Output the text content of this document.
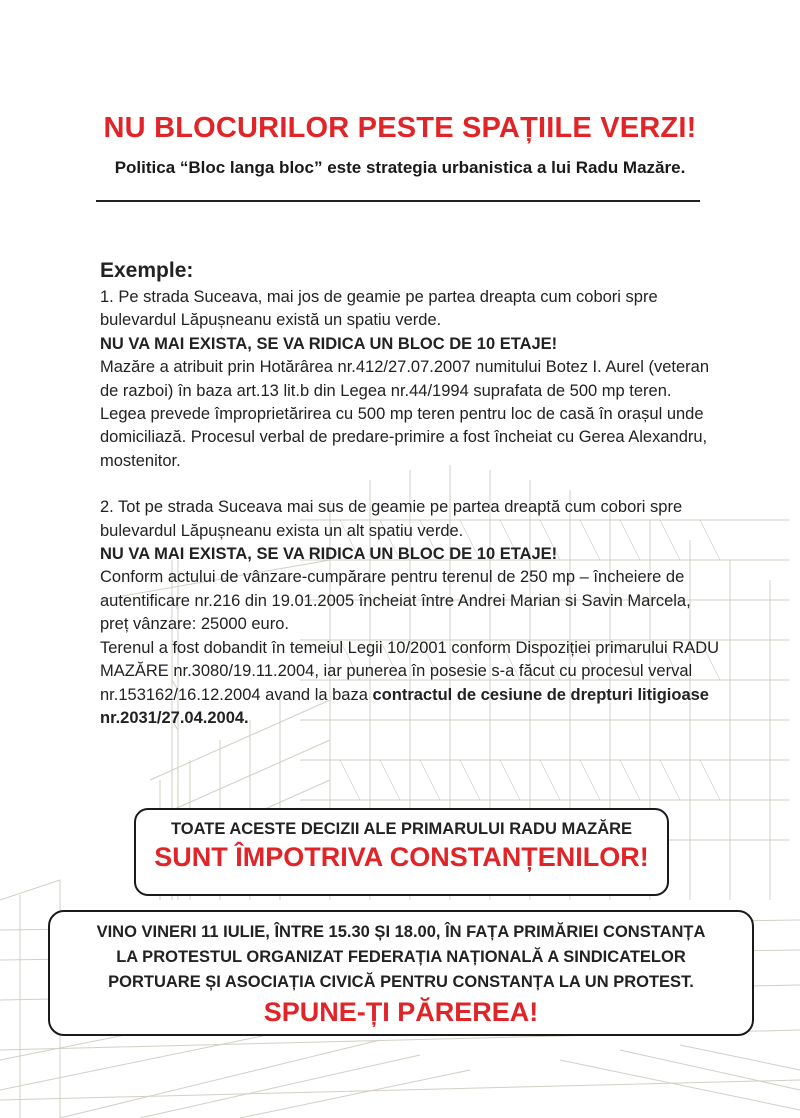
NU BLOCURILOR PESTE SPAȚIILE VERZI!
Politica “Bloc langa bloc” este strategia urbanistica a lui Radu Mazăre.
Exemple:

1. Pe strada Suceava, mai jos de geamie pe partea dreapta cum cobori spre bulevardul Lăpușneanu există un spatiu verde.

NU VA MAI EXISTA, SE VA RIDICA UN BLOC DE 10 ETAJE!

Mazăre a atribuit prin Hotărârea nr.412/27.07.2007 numitului Botez I. Aurel (veteran de razboi) în baza art.13 lit.b din Legea nr.44/1994 suprafata de 500 mp teren. Legea prevede împroprietărirea cu 500 mp teren pentru loc de casă în orașul unde domiciliază. Procesul verbal de predare-primire a fost încheiat cu Gerea Alexandru, mostenitor.

2. Tot pe strada Suceava mai sus de geamie pe partea dreaptă cum cobori spre bulevardul Lăpușneanu exista un alt spatiu verde.

NU VA MAI EXISTA, SE VA RIDICA UN BLOC DE 10 ETAJE!

Conform actului de vânzare-cumpărare pentru terenul de 250 mp – încheiere de autentificare nr.216 din 19.01.2005 încheiat între Andrei Marian si Savin Marcela, preț vânzare: 25000 euro.

Terenul a fost dobandit în temeiul Legii 10/2001 conform Dispoziției primarului RADU MAZĂRE nr.3080/19.11.2004, iar punerea în posesie s-a făcut cu procesul verval nr.153162/16.12.2004 avand la baza contractul de cesiune de drepturi litigioase nr.2031/27.04.2004.

TOATE ACESTE DECIZII ALE PRIMARULUI RADU MAZĂRE
SUNT ÎMPOTRIVA CONSTANȚENILOR!
VINO VINERI 11 IULIE, ÎNTRE 15.30 ȘI 18.00, ÎN FAȚA PRIMĂRIEI CONSTANȚA
LA PROTESTUL ORGANIZAT FEDERAȚIA NAȚIONALĂ A SINDICATELOR
PORTUARE ȘI ASOCIAȚIA CIVICĂ PENTRU CONSTANȚA LA UN PROTEST.
SPUNE-ȚI PĂREREA!
